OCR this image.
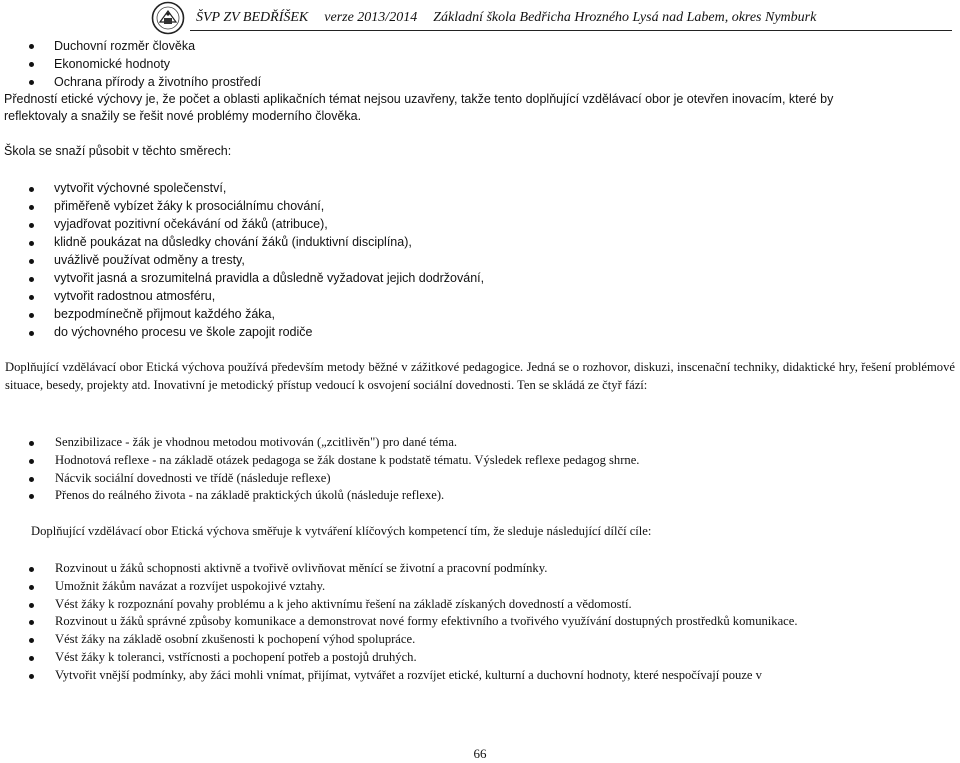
ŠVP ZV BEDŘÍŠEK verze 2013/2014 Základní škola Bedřicha Hrozného Lysá nad Labem, okres Nymburk
Duchovní rozměr člověka
Ekonomické hodnoty
Ochrana přírody a životního prostředí
Předností etické výchovy je, že počet a oblasti aplikačních témat nejsou uzavřeny, takže tento doplňující vzdělávací obor je otevřen inovacím, které by
reflektovaly a snažily se řešit nové problémy moderního člověka.
Škola se snaží působit v těchto směrech:
vytvořit výchovné společenství,
přiměřeně vybízet žáky k prosociálnímu chování,
vyjadřovat pozitivní očekávání od žáků (atribuce),
klidně poukázat na důsledky chování žáků (induktivní disciplína),
uvážlivě používat odměny a tresty,
vytvořit jasná a srozumitelná pravidla a důsledně vyžadovat jejich dodržování,
vytvořit radostnou atmosféru,
bezpodmínečně přijmout každého žáka,
do výchovného procesu ve škole zapojit rodiče
Doplňující vzdělávací obor Etická výchova používá především metody běžné v zážitkové pedagogice. Jedná se o rozhovor, diskuzi, inscenační techniky, didaktické hry, řešení problémové situace, besedy, projekty atd. Inovativní je metodický přístup vedoucí k osvojení sociální dovednosti. Ten se skládá ze čtyř fází:
Senzibilizace - žák je vhodnou metodou motivován („zcitlivěn") pro dané téma.
Hodnotová reflexe - na základě otázek pedagoga se žák dostane k podstatě tématu. Výsledek reflexe pedagog shrne.
Nácvik sociální dovednosti ve třídě (následuje reflexe)
Přenos do reálného života - na základě praktických úkolů (následuje reflexe).
Doplňující vzdělávací obor Etická výchova směřuje k vytváření klíčových kompetencí tím, že sleduje následující dílčí cíle:
Rozvinout u žáků schopnosti aktivně a tvořivě ovlivňovat měnící se životní a pracovní podmínky.
Umožnit žákům navázat a rozvíjet uspokojivé vztahy.
Vést žáky k rozpoznání povahy problému a k jeho aktivnímu řešení na základě získaných dovedností a vědomostí.
Rozvinout u žáků správné způsoby komunikace a demonstrovat nové formy efektivního a tvořivého využívání dostupných prostředků komunikace.
Vést žáky na základě osobní zkušenosti k pochopení výhod spolupráce.
Vést žáky k toleranci, vstřícnosti a pochopení potřeb a postojů druhých.
Vytvořit vnější podmínky, aby žáci mohli vnímat, přijímat, vytvářet a rozvíjet etické, kulturní a duchovní hodnoty, které nespočívají pouze v
66
